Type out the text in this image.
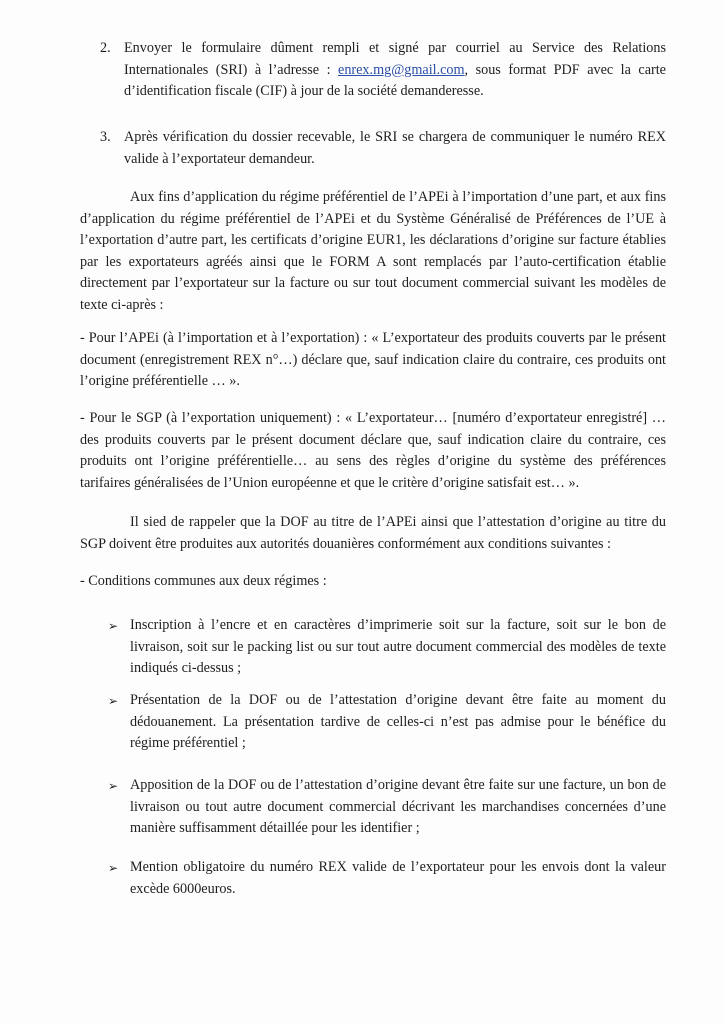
2. Envoyer le formulaire dûment rempli et signé par courriel au Service des Relations Internationales (SRI) à l’adresse : enrex.mg@gmail.com, sous format PDF avec la carte d’identification fiscale (CIF) à jour de la société demanderesse.
3. Après vérification du dossier recevable, le SRI se chargera de communiquer le numéro REX valide à l’exportateur demandeur.
Aux fins d’application du régime préférentiel de l’APEi à l’importation d’une part, et aux fins d’application du régime préférentiel de l’APEi et du Système Généralisé de Préférences de l’UE à l’exportation d’autre part, les certificats d’origine EUR1, les déclarations d’origine sur facture établies par les exportateurs agréés ainsi que le FORM A sont remplacés par l’auto-certification établie directement par l’exportateur sur la facture ou sur tout document commercial suivant les modèles de texte ci-après :
- Pour l’APEi (à l’importation et à l’exportation) : « L’exportateur des produits couverts par le présent document (enregistrement REX n°…) déclare que, sauf indication claire du contraire, ces produits ont l’origine préférentielle … ».
- Pour le SGP (à l’exportation uniquement) : « L’exportateur… [numéro d’exportateur enregistré] … des produits couverts par le présent document déclare que, sauf indication claire du contraire, ces produits ont l’origine préférentielle… au sens des règles d’origine du système des préférences tarifaires généralisées de l’Union européenne et que le critère d’origine satisfait est… ».
Il sied de rappeler que la DOF au titre de l’APEi ainsi que l’attestation d’origine au titre du SGP doivent être produites aux autorités douanières conformément aux conditions suivantes :
- Conditions communes aux deux régimes :
➢ Inscription à l’encre et en caractères d’imprimerie soit sur la facture, soit sur le bon de livraison, soit sur le packing list ou sur tout autre document commercial des modèles de texte indiqués ci-dessus ;
➢ Présentation de la DOF ou de l’attestation d’origine devant être faite au moment du dédouanement. La présentation tardive de celles-ci n’est pas admise pour le bénéfice du régime préférentiel ;
➢ Apposition de la DOF ou de l’attestation d’origine devant être faite sur une facture, un bon de livraison ou tout autre document commercial décrivant les marchandises concernées d’une manière suffisamment détaillée pour les identifier ;
➢ Mention obligatoire du numéro REX valide de l’exportateur pour les envois dont la valeur excède 6000euros.
